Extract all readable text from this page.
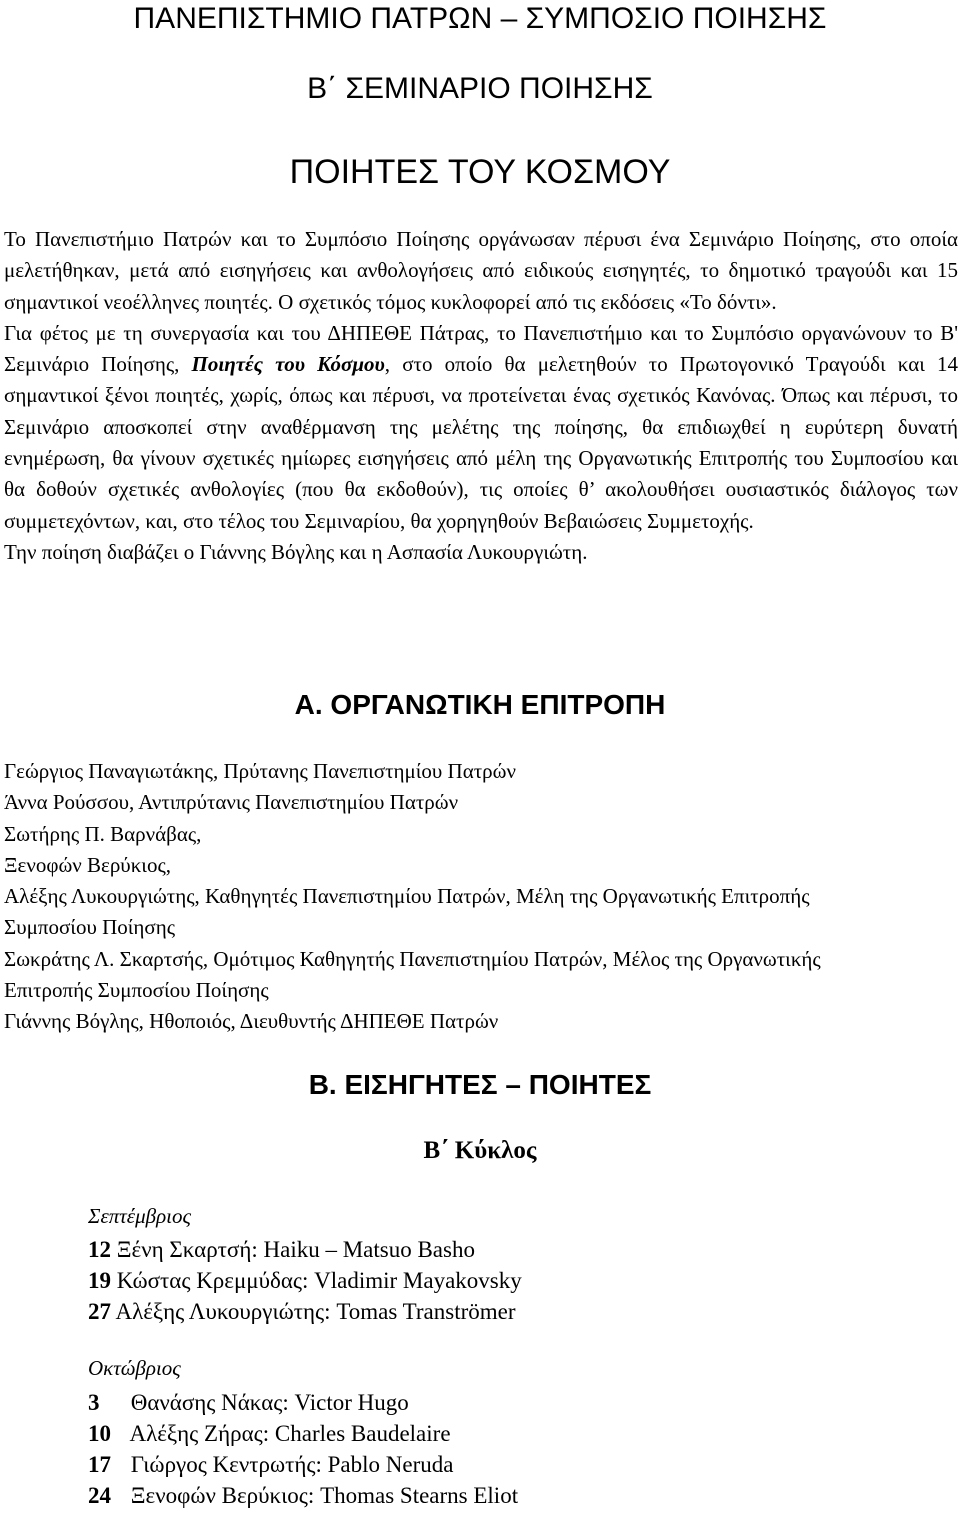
ΠΑΝΕΠΙΣΤΗΜΙΟ ΠΑΤΡΩΝ – ΣΥΜΠΟΣΙΟ ΠΟΙΗΣΗΣ
Β΄ ΣΕΜΙΝΑΡΙΟ ΠΟΙΗΣΗΣ
ΠΟΙΗΤΕΣ ΤΟΥ ΚΟΣΜΟΥ

Το Πανεπιστήμιο Πατρών και το Συμπόσιο Ποίησης οργάνωσαν πέρυσι ένα Σεμινάριο Ποίησης, στο οποία μελετήθηκαν, μετά από εισηγήσεις και ανθολογήσεις από ειδικούς εισηγητές, το δημοτικό τραγούδι και 15 σημαντικοί νεοέλληνες ποιητές. Ο σχετικός τόμος κυκλοφορεί από τις εκδόσεις «Το δόντι».

Για φέτος με τη συνεργασία και του ΔΗΠΕΘΕ Πάτρας, το Πανεπιστήμιο και το Συμπόσιο οργανώνουν το Β' Σεμινάριο Ποίησης, Ποιητές του Κόσμου, στο οποίο θα μελετηθούν το Πρωτογονικό Τραγούδι και 14 σημαντικοί ξένοι ποιητές, χωρίς, όπως και πέρυσι, να προτείνεται ένας σχετικός Κανόνας. Όπως και πέρυσι, το Σεμινάριο αποσκοπεί στην αναθέρμανση της μελέτης της ποίησης, θα επιδιωχθεί η ευρύτερη δυνατή ενημέρωση, θα γίνουν σχετικές ημίωρες εισηγήσεις από μέλη της Οργανωτικής Επιτροπής του Συμποσίου και θα δοθούν σχετικές ανθολογίες (που θα εκδοθούν), τις οποίες θ’ ακολουθήσει ουσιαστικός διάλογος των συμμετεχόντων, και, στο τέλος του Σεμιναρίου, θα χορηγηθούν Βεβαιώσεις Συμμετοχής.

Την ποίηση διαβάζει ο Γιάννης Βόγλης και η Ασπασία Λυκουργιώτη.

Α. ΟΡΓΑΝΩΤΙΚΗ ΕΠΙΤΡΟΠΗ
Γεώργιος Παναγιωτάκης, Πρύτανης Πανεπιστημίου Πατρών
Άννα Ρούσσου, Αντιπρύτανις Πανεπιστημίου Πατρών
Σωτήρης Π. Βαρνάβας,
Ξενοφών Βερύκιος,
Αλέξης Λυκουργιώτης, Καθηγητές Πανεπιστημίου Πατρών, Μέλη της Οργανωτικής Επιτροπής Συμποσίου Ποίησης
Σωκράτης Λ. Σκαρτσής, Ομότιμος Καθηγητής Πανεπιστημίου Πατρών, Μέλος της Οργανωτικής Επιτροπής Συμποσίου Ποίησης
Γιάννης Βόγλης, Ηθοποιός, Διευθυντής ΔΗΠΕΘΕ Πατρών
Β. ΕΙΣΗΓΗΤΕΣ – ΠΟΙΗΤΕΣ
Β΄ Κύκλος

Σεπτέμβριος

12 Ξένη Σκαρτσή: Haiku – Matsuo Basho
19 Κώστας Κρεμμύδας: Vladimir Mayakovsky
27 Αλέξης Λυκουργιώτης: Tomas Tranströmer

Οκτώβριος

3 Θανάσης Νάκας: Victor Hugo
10 Αλέξης Ζήρας: Charles Baudelaire
17 Γιώργος Κεντρωτής: Pablo Neruda
24 Ξενοφών Βερύκιος: Thomas Stearns Eliot
